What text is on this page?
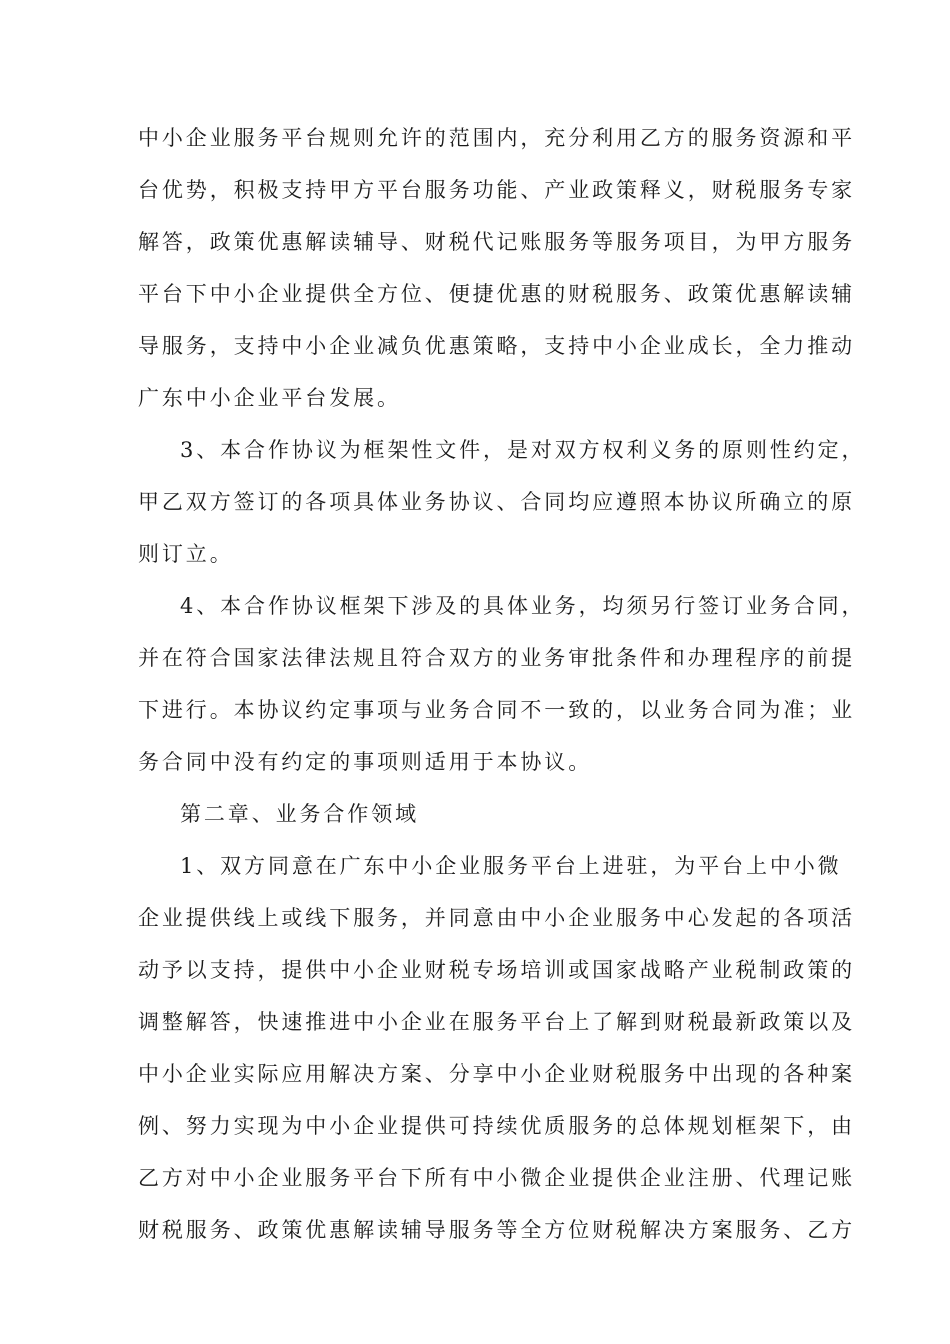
中小企业服务平台规则允许的范围内，充分利用乙方的服务资源和平
台优势，积极支持甲方平台服务功能、产业政策释义，财税服务专家
解答，政策优惠解读辅导、财税代记账服务等服务项目，为甲方服务
平台下中小企业提供全方位、便捷优惠的财税服务、政策优惠解读辅
导服务，支持中小企业减负优惠策略，支持中小企业成长，全力推动
广东中小企业平台发展。
3、本合作协议为框架性文件，是对双方权利义务的原则性约定，
甲乙双方签订的各项具体业务协议、合同均应遵照本协议所确立的原
则订立。
4、本合作协议框架下涉及的具体业务，均须另行签订业务合同，
并在符合国家法律法规且符合双方的业务审批条件和办理程序的前提
下进行。本协议约定事项与业务合同不一致的，以业务合同为准；业
务合同中没有约定的事项则适用于本协议。
第二章、业务合作领域
1、双方同意在广东中小企业服务平台上进驻，为平台上中小微
企业提供线上或线下服务，并同意由中小企业服务中心发起的各项活
动予以支持，提供中小企业财税专场培训或国家战略产业税制政策的
调整解答，快速推进中小企业在服务平台上了解到财税最新政策以及
中小企业实际应用解决方案、分享中小企业财税服务中出现的各种案
例、努力实现为中小企业提供可持续优质服务的总体规划框架下，由
乙方对中小企业服务平台下所有中小微企业提供企业注册、代理记账
财税服务、政策优惠解读辅导服务等全方位财税解决方案服务、乙方
